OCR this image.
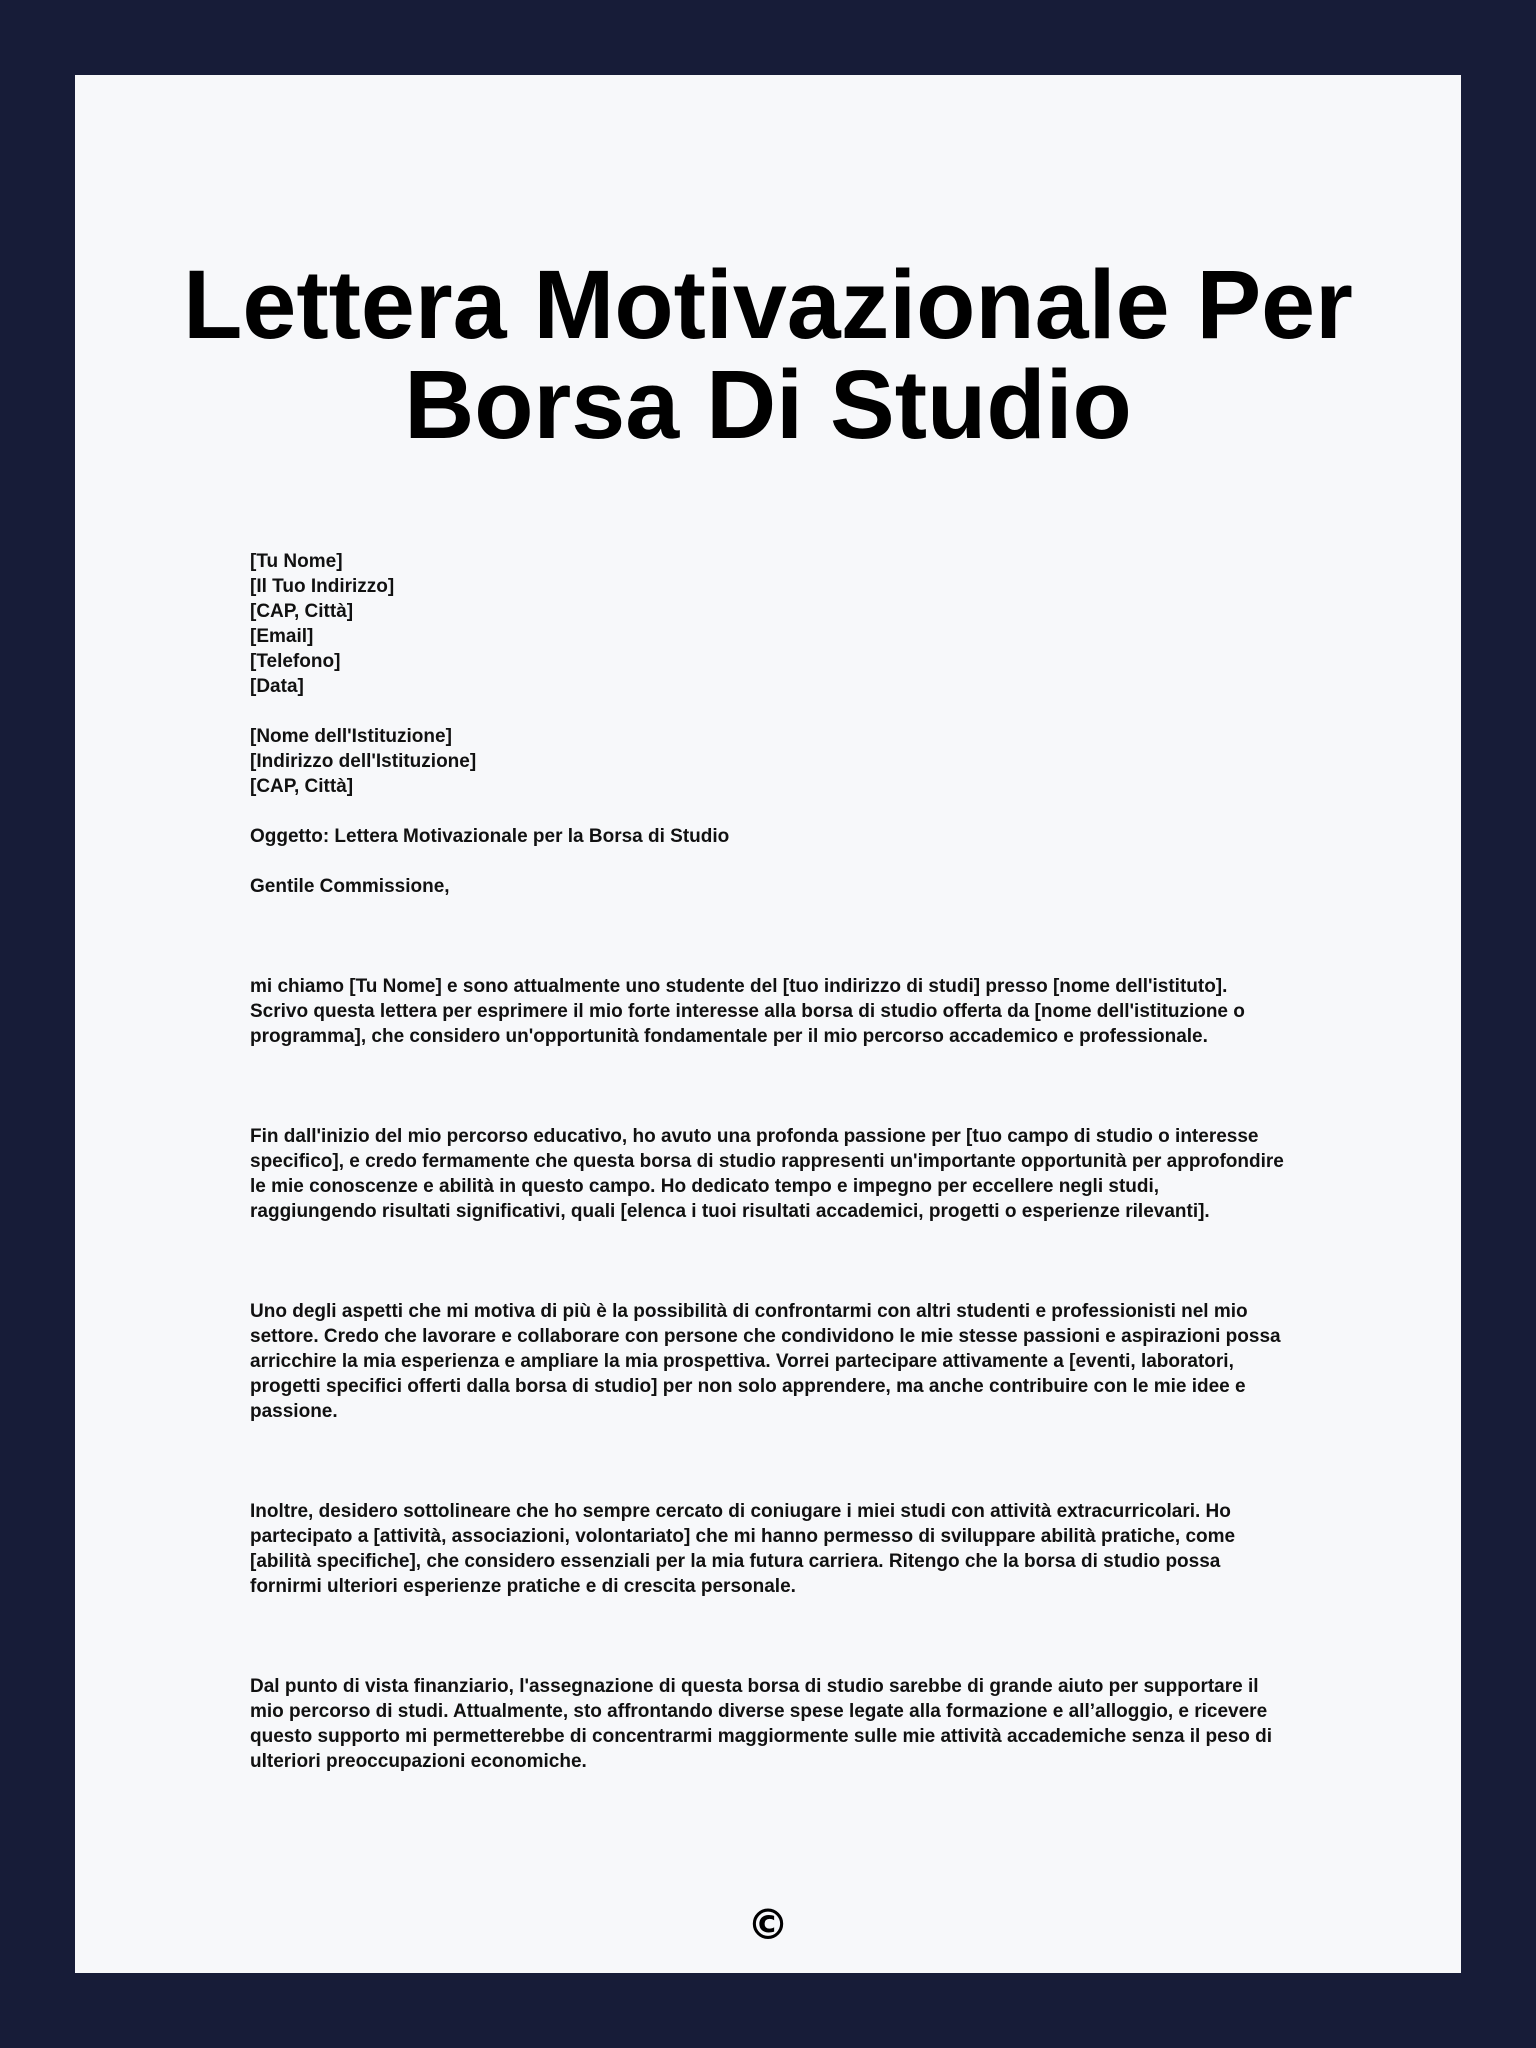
Lettera Motivazionale Per Borsa Di Studio
[Tu Nome]
[Il Tuo Indirizzo]
[CAP, Città]
[Email]
[Telefono]
[Data]
[Nome dell'Istituzione]
[Indirizzo dell'Istituzione]
[CAP, Città]

Oggetto: Lettera Motivazionale per la Borsa di Studio

Gentile Commissione,

mi chiamo [Tu Nome] e sono attualmente uno studente del [tuo indirizzo di studi] presso [nome dell'istituto]. Scrivo questa lettera per esprimere il mio forte interesse alla borsa di studio offerta da [nome dell'istituzione o programma], che considero un'opportunità fondamentale per il mio percorso accademico e professionale.

Fin dall'inizio del mio percorso educativo, ho avuto una profonda passione per [tuo campo di studio o interesse specifico], e credo fermamente che questa borsa di studio rappresenti un'importante opportunità per approfondire le mie conoscenze e abilità in questo campo. Ho dedicato tempo e impegno per eccellere negli studi, raggiungendo risultati significativi, quali [elenca i tuoi risultati accademici, progetti o esperienze rilevanti].

Uno degli aspetti che mi motiva di più è la possibilità di confrontarmi con altri studenti e professionisti nel mio settore. Credo che lavorare e collaborare con persone che condividono le mie stesse passioni e aspirazioni possa arricchire la mia esperienza e ampliare la mia prospettiva. Vorrei partecipare attivamente a [eventi, laboratori, progetti specifici offerti dalla borsa di studio] per non solo apprendere, ma anche contribuire con le mie idee e passione.

Inoltre, desidero sottolineare che ho sempre cercato di coniugare i miei studi con attività extracurricolari. Ho partecipato a [attività, associazioni, volontariato] che mi hanno permesso di sviluppare abilità pratiche, come [abilità specifiche], che considero essenziali per la mia futura carriera. Ritengo che la borsa di studio possa fornirmi ulteriori esperienze pratiche e di crescita personale.

Dal punto di vista finanziario, l'assegnazione di questa borsa di studio sarebbe di grande aiuto per supportare il mio percorso di studi. Attualmente, sto affrontando diverse spese legate alla formazione e all’alloggio, e ricevere questo supporto mi permetterebbe di concentrarmi maggiormente sulle mie attività accademiche senza il peso di ulteriori preoccupazioni economiche.

©
